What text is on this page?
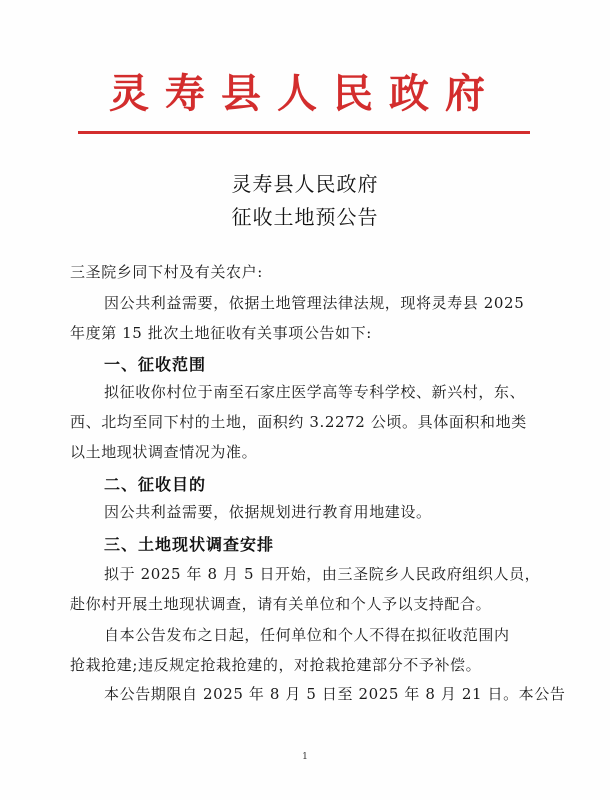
灵寿县人民政府
灵寿县人民政府
征收土地预公告
三圣院乡同下村及有关农户:
因公共利益需要，依据土地管理法律法规，现将灵寿县 2025
年度第 15 批次土地征收有关事项公告如下:
一、征收范围
拟征收你村位于南至石家庄医学高等专科学校、新兴村，东、
西、北均至同下村的土地，面积约 3.2272 公顷。具体面积和地类
以土地现状调查情况为准。
二、征收目的
因公共利益需要，依据规划进行教育用地建设。
三、土地现状调查安排
拟于 2025 年 8 月 5 日开始，由三圣院乡人民政府组织人员，
赴你村开展土地现状调查，请有关单位和个人予以支持配合。
自本公告发布之日起，任何单位和个人不得在拟征收范围内
抢栽抢建;违反规定抢栽抢建的，对抢栽抢建部分不予补偿。
本公告期限自 2025 年 8 月 5 日至 2025 年 8 月 21 日。本公告
1
